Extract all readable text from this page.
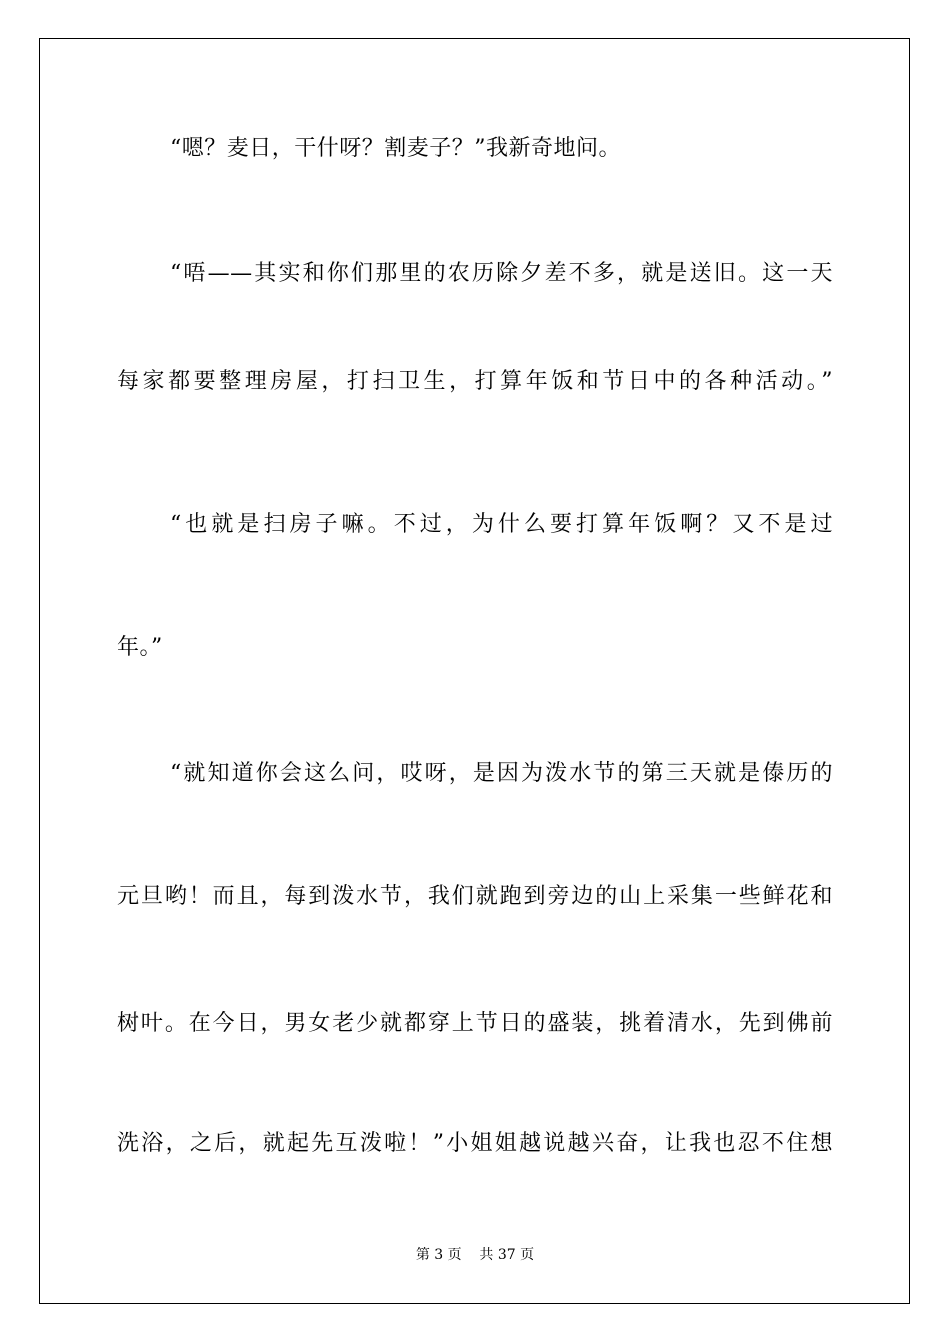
“嗯？麦日，干什呀？割麦子？”我新奇地问。
“唔——其实和你们那里的农历除夕差不多，就是送旧。这一天
每家都要整理房屋，打扫卫生，打算年饭和节日中的各种活动。”
“也就是扫房子嘛。不过，为什么要打算年饭啊？又不是过
年。”
“就知道你会这么问，哎呀，是因为泼水节的第三天就是傣历的
元旦哟！而且，每到泼水节，我们就跑到旁边的山上采集一些鲜花和
树叶。在今日，男女老少就都穿上节日的盛装，挑着清水，先到佛前
洗浴，之后，就起先互泼啦！”小姐姐越说越兴奋，让我也忍不住想
第 3 页    共 37 页
